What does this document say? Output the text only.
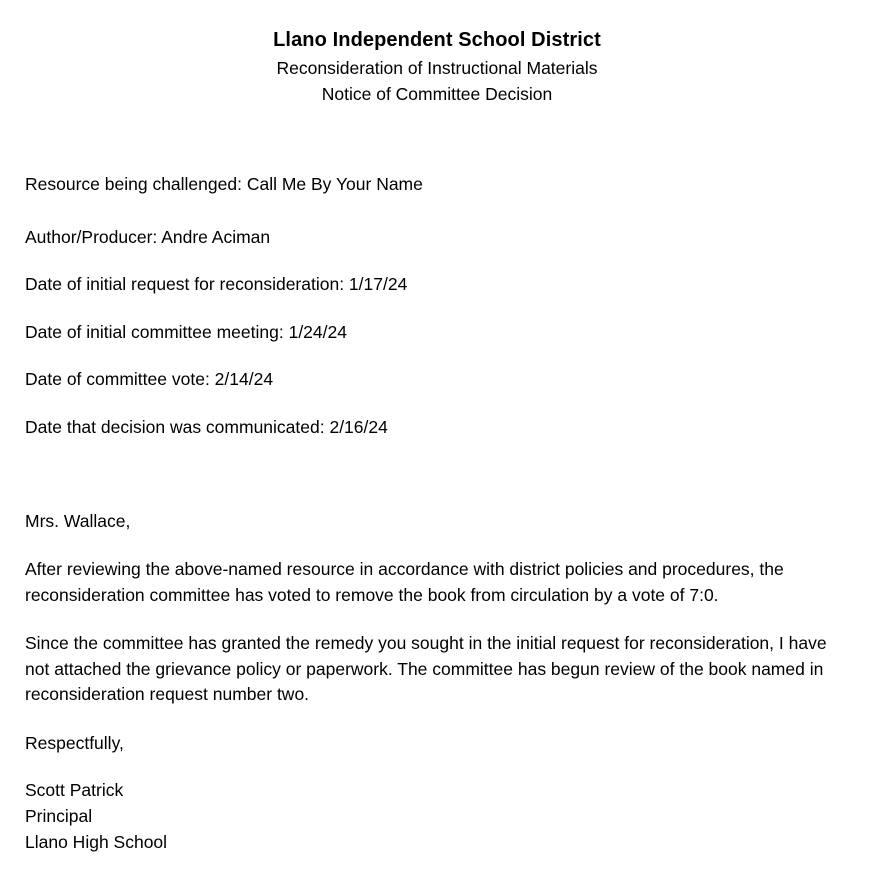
Llano Independent School District
Reconsideration of Instructional Materials
Notice of Committee Decision
Resource being challenged: Call Me By Your Name
Author/Producer: Andre Aciman
Date of initial request for reconsideration: 1/17/24
Date of initial committee meeting: 1/24/24
Date of committee vote: 2/14/24
Date that decision was communicated: 2/16/24
Mrs. Wallace,
After reviewing the above-named resource in accordance with district policies and procedures, the reconsideration committee has voted to remove the book from circulation by a vote of 7:0.
Since the committee has granted the remedy you sought in the initial request for reconsideration, I have not attached the grievance policy or paperwork. The committee has begun review of the book named in reconsideration request number two.
Respectfully,
Scott Patrick
Principal
Llano High School
